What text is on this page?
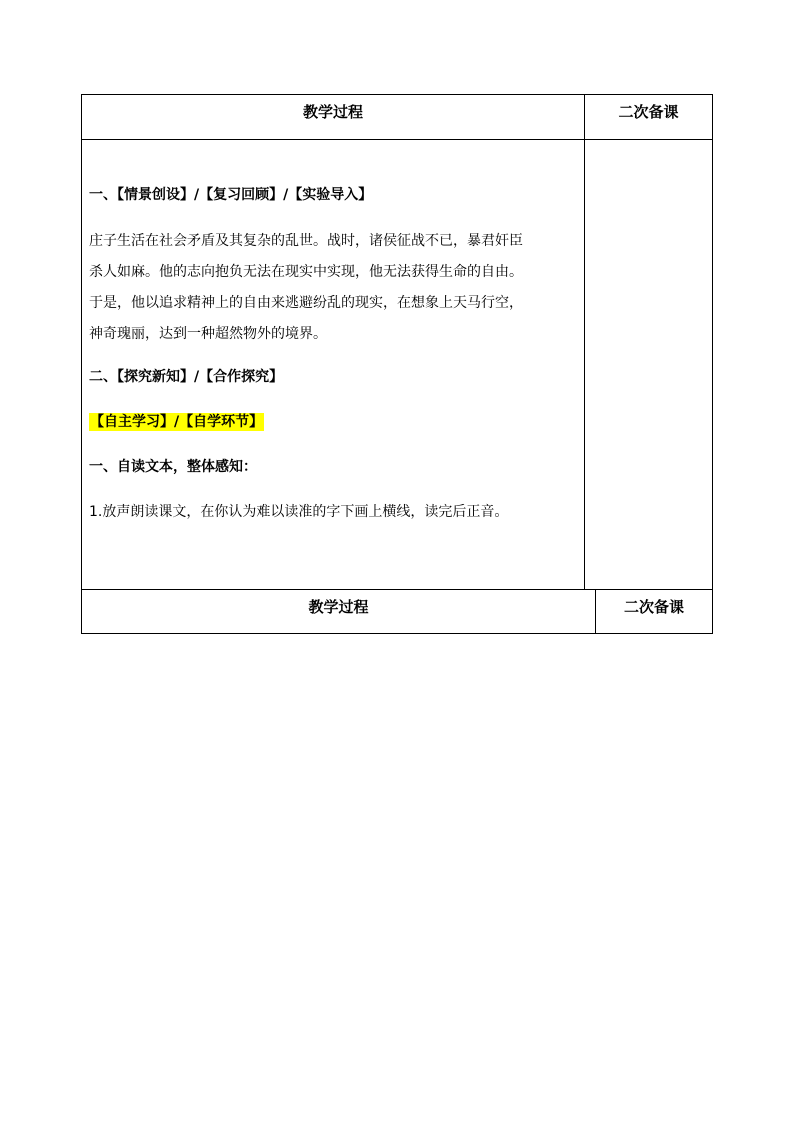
教学过程	二次备课
教学过程	二次备课
一、【情景创设】/【复习回顾】/【实验导入】
庄子生活在社会矛盾及其复杂的乱世。战时，诸侯征战不已，暴君奸臣
杀人如麻。他的志向抱负无法在现实中实现，他无法获得生命的自由。
于是，他以追求精神上的自由来逃避纷乱的现实，在想象上天马行空，
神奇瑰丽，达到一种超然物外的境界。
二、【探究新知】/【合作探究】
【自主学习】/【自学环节】
一、自读文本，整体感知：
1.放声朗读课文，在你认为难以读准的字下画上横线，读完后正音。
